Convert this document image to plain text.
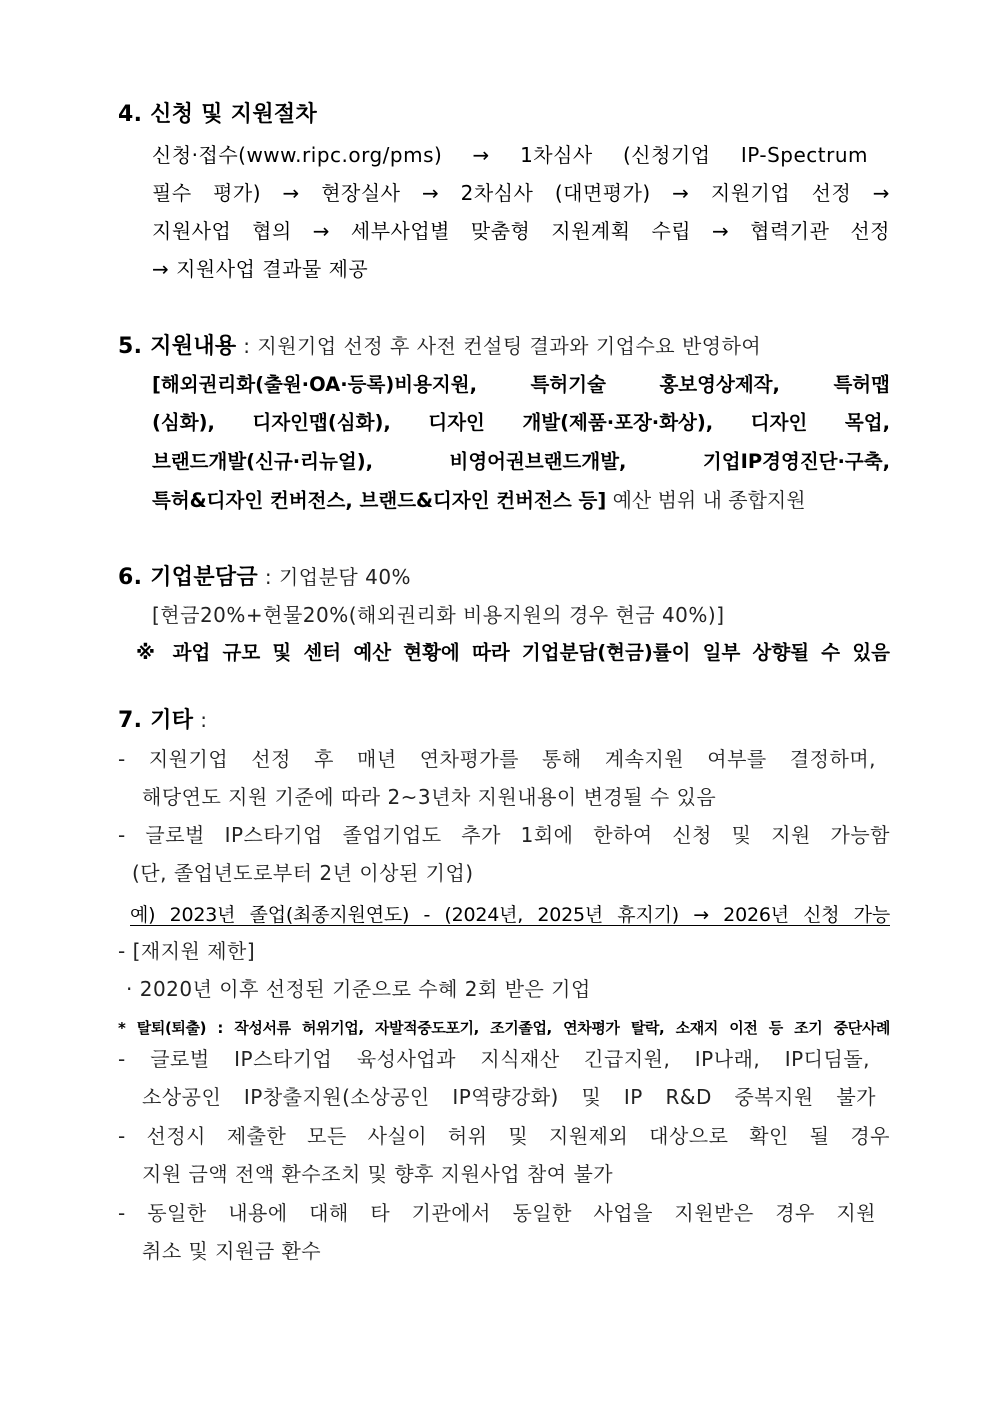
4. 신청 및 지원절차
신청·접수(www.ripc.org/pms) → 1차심사 (신청기업 IP-Spectrum
필수 평가) → 현장실사 → 2차심사 (대면평가) → 지원기업 선정 →
지원사업 협의 → 세부사업별 맞춤형 지원계획 수립 → 협력기관 선정
→ 지원사업 결과물 제공
5. 지원내용 : 지원기업 선정 후 사전 컨설팅 결과와 기업수요 반영하여
[해외권리화(출원·OA·등록)비용지원, 특허기술 홍보영상제작, 특허맵
(심화), 디자인맵(심화), 디자인 개발(제품·포장·화상), 디자인 목업,
브랜드개발(신규·리뉴얼), 비영어권브랜드개발, 기업IP경영진단·구축,
특허&디자인 컨버전스, 브랜드&디자인 컨버전스 등] 예산 범위 내 종합지원
6. 기업분담금 : 기업분담 40%
[현금20%+현물20%(해외권리화 비용지원의 경우 현금 40%)]
※ 과업 규모 및 센터 예산 현황에 따라 기업분담(현금)률이 일부 상향될 수 있음
7. 기타 :
- 지원기업 선정 후 매년 연차평가를 통해 계속지원 여부를 결정하며,
해당연도 지원 기준에 따라 2~3년차 지원내용이 변경될 수 있음
- 글로벌 IP스타기업 졸업기업도 추가 1회에 한하여 신청 및 지원 가능함
(단, 졸업년도로부터 2년 이상된 기업)
예) 2023년 졸업(최종지원연도) - (2024년, 2025년 휴지기) → 2026년 신청 가능
- [재지원 제한]
· 2020년 이후 선정된 기준으로 수혜 2회 받은 기업
* 탈퇴(퇴출) : 작성서류 허위기업, 자발적중도포기, 조기졸업, 연차평가 탈락, 소재지 이전 등 조기 중단사례
- 글로벌 IP스타기업 육성사업과 지식재산 긴급지원, IP나래, IP디딤돌,
소상공인 IP창출지원(소상공인 IP역량강화) 및 IP R&D 중복지원 불가
- 선정시 제출한 모든 사실이 허위 및 지원제외 대상으로 확인 될 경우
지원 금액 전액 환수조치 및 향후 지원사업 참여 불가
- 동일한 내용에 대해 타 기관에서 동일한 사업을 지원받은 경우 지원
취소 및 지원금 환수
